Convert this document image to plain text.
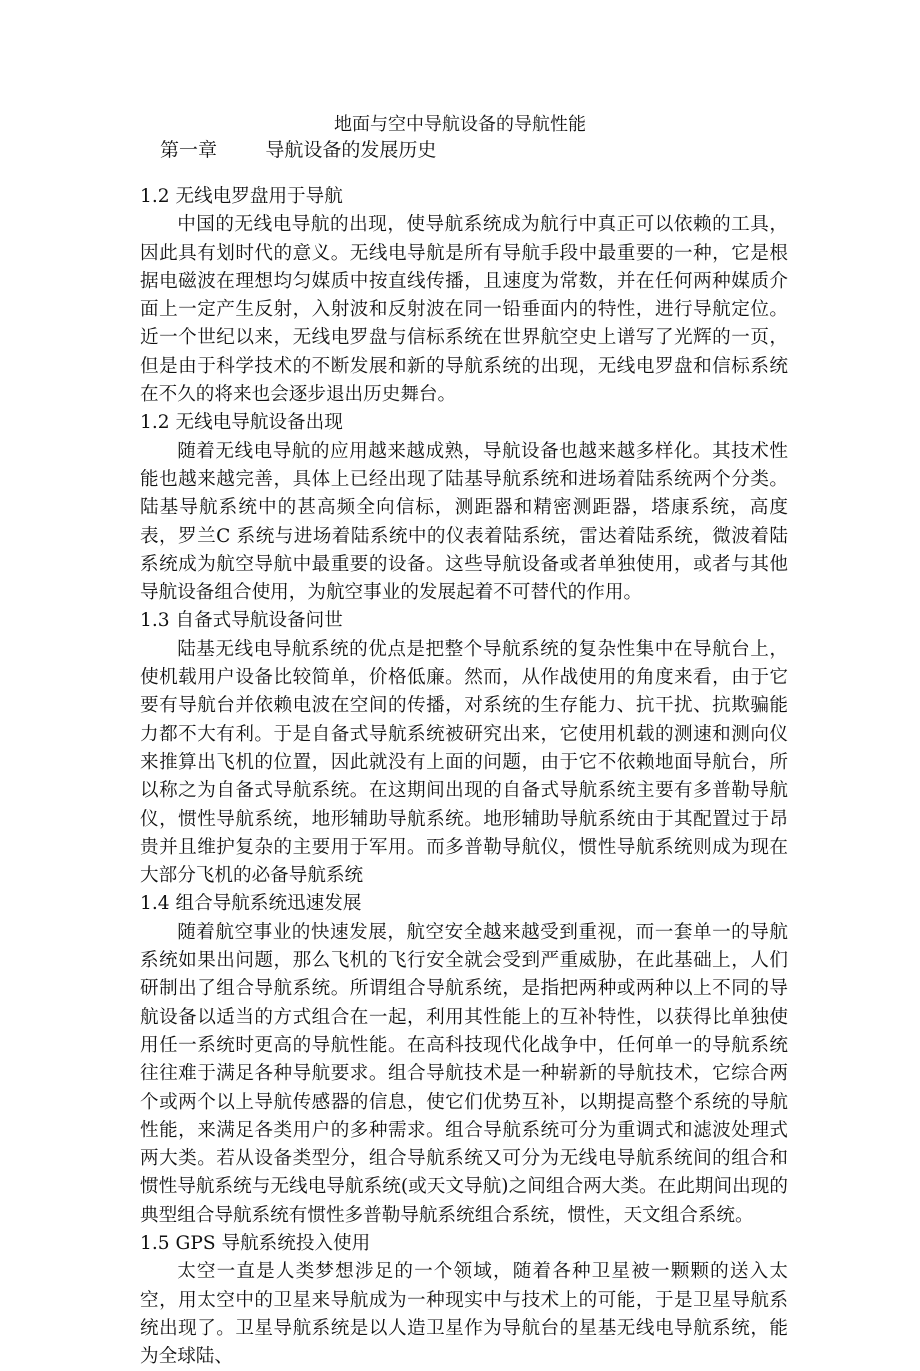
地面与空中导航设备的导航性能
第一章        导航设备的发展历史

1.2 无线电罗盘用于导航

中国的无线电导航的出现，使导航系统成为航行中真正可以依赖的工具，因此具有划时代的意义。无线电导航是所有导航手段中最重要的一种，它是根据电磁波在理想均匀媒质中按直线传播，且速度为常数，并在任何两种媒质介面上一定产生反射，入射波和反射波在同一铅垂面内的特性，进行导航定位。近一个世纪以来，无线电罗盘与信标系统在世界航空史上谱写了光辉的一页，但是由于科学技术的不断发展和新的导航系统的出现，无线电罗盘和信标系统在不久的将来也会逐步退出历史舞台。

1.2 无线电导航设备出现

随着无线电导航的应用越来越成熟，导航设备也越来越多样化。其技术性能也越来越完善，具体上已经出现了陆基导航系统和进场着陆系统两个分类。陆基导航系统中的甚高频全向信标，测距器和精密测距器，塔康系统，高度表，罗兰C 系统与进场着陆系统中的仪表着陆系统，雷达着陆系统，微波着陆系统成为航空导航中最重要的设备。这些导航设备或者单独使用，或者与其他导航设备组合使用，为航空事业的发展起着不可替代的作用。

1.3 自备式导航设备问世

陆基无线电导航系统的优点是把整个导航系统的复杂性集中在导航台上，使机载用户设备比较简单，价格低廉。然而，从作战使用的角度来看，由于它要有导航台并依赖电波在空间的传播，对系统的生存能力、抗干扰、抗欺骗能力都不大有利。于是自备式导航系统被研究出来，它使用机载的测速和测向仪来推算出飞机的位置，因此就没有上面的问题，由于它不依赖地面导航台，所以称之为自备式导航系统。在这期间出现的自备式导航系统主要有多普勒导航仪，惯性导航系统，地形辅助导航系统。地形辅助导航系统由于其配置过于昂贵并且维护复杂的主要用于军用。而多普勒导航仪，惯性导航系统则成为现在大部分飞机的必备导航系统

1.4 组合导航系统迅速发展

随着航空事业的快速发展，航空安全越来越受到重视，而一套单一的导航系统如果出问题，那么飞机的飞行安全就会受到严重威胁，在此基础上，人们研制出了组合导航系统。所谓组合导航系统，是指把两种或两种以上不同的导航设备以适当的方式组合在一起，利用其性能上的互补特性，以获得比单独使用任一系统时更高的导航性能。在高科技现代化战争中，任何单一的导航系统往往难于满足各种导航要求。组合导航技术是一种崭新的导航技术，它综合两个或两个以上导航传感器的信息，使它们优势互补，以期提高整个系统的导航性能，来满足各类用户的多种需求。组合导航系统可分为重调式和滤波处理式两大类。若从设备类型分，组合导航系统又可分为无线电导航系统间的组合和惯性导航系统与无线电导航系统(或天文导航)之间组合两大类。在此期间出现的典型组合导航系统有惯性多普勒导航系统组合系统，惯性，天文组合系统。

1.5 GPS 导航系统投入使用

太空一直是人类梦想涉足的一个领域，随着各种卫星被一颗颗的送入太空，用太空中的卫星来导航成为一种现实中与技术上的可能，于是卫星导航系统出现了。卫星导航系统是以人造卫星作为导航台的星基无线电导航系统，能为全球陆、
